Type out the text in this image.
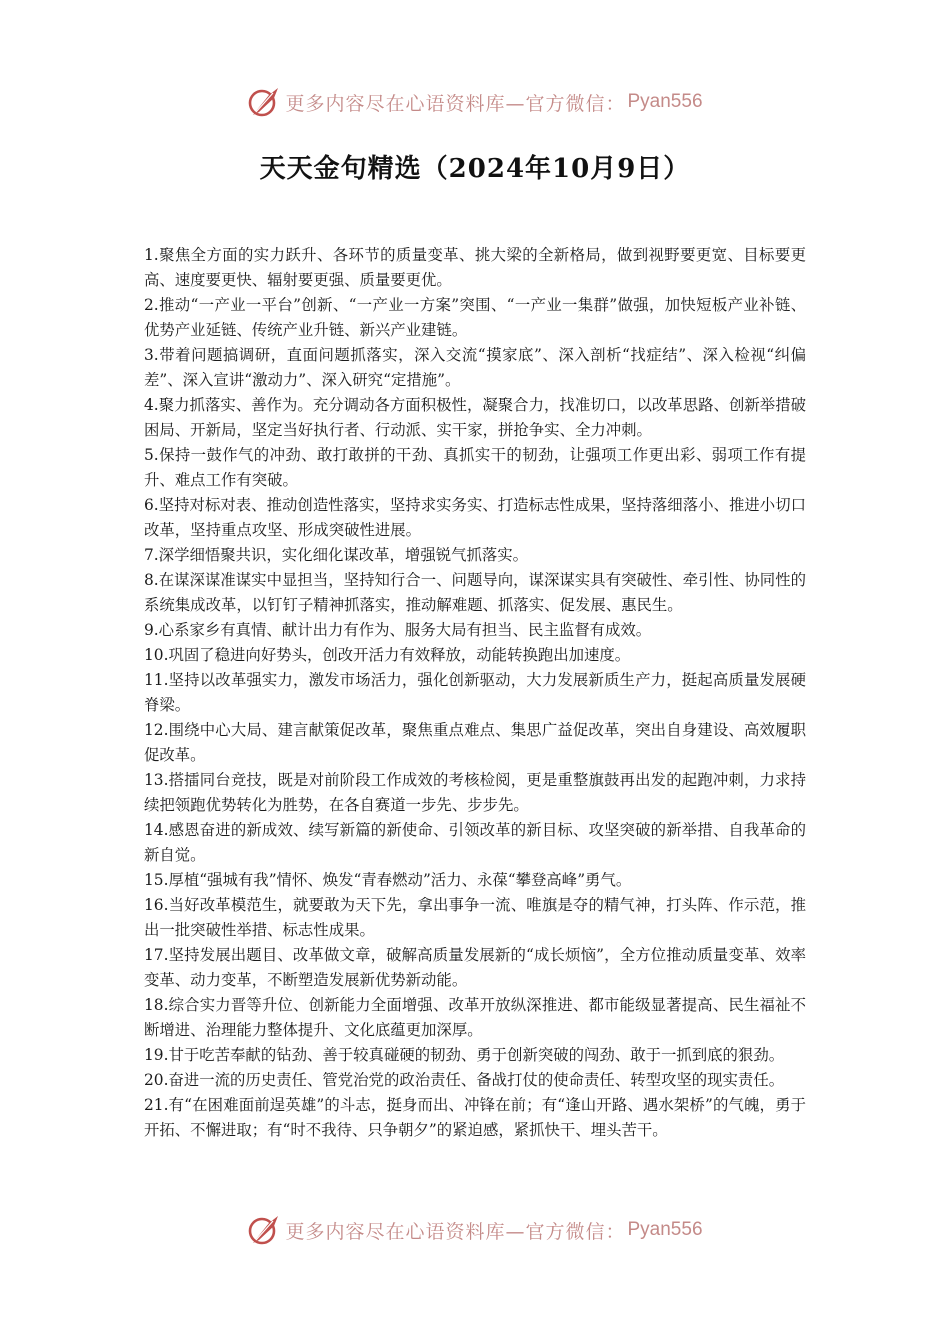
更多内容尽在心语资料库—官方微信： Pyan556
天天金句精选（2024年10月9日）

1.聚焦全方面的实力跃升、各环节的质量变革、挑大梁的全新格局，做到视野要更宽、目标要更高、速度要更快、辐射要更强、质量要更优。

2.推动“一产业一平台”创新、“一产业一方案”突围、“一产业一集群”做强，加快短板产业补链、优势产业延链、传统产业升链、新兴产业建链。

3.带着问题搞调研，直面问题抓落实，深入交流“摸家底”、深入剖析“找症结”、深入检视“纠偏差”、深入宣讲“激动力”、深入研究“定措施”。

4.聚力抓落实、善作为。充分调动各方面积极性，凝聚合力，找准切口，以改革思路、创新举措破困局、开新局，坚定当好执行者、行动派、实干家，拼抢争实、全力冲刺。

5.保持一鼓作气的冲劲、敢打敢拼的干劲、真抓实干的韧劲，让强项工作更出彩、弱项工作有提升、难点工作有突破。

6.坚持对标对表、推动创造性落实，坚持求实务实、打造标志性成果，坚持落细落小、推进小切口改革，坚持重点攻坚、形成突破性进展。

7.深学细悟聚共识，实化细化谋改革，增强锐气抓落实。

8.在谋深谋准谋实中显担当，坚持知行合一、问题导向，谋深谋实具有突破性、牵引性、协同性的系统集成改革，以钉钉子精神抓落实，推动解难题、抓落实、促发展、惠民生。

9.心系家乡有真情、献计出力有作为、服务大局有担当、民主监督有成效。

10.巩固了稳进向好势头，创改开活力有效释放，动能转换跑出加速度。

11.坚持以改革强实力，激发市场活力，强化创新驱动，大力发展新质生产力，挺起高质量发展硬脊梁。

12.围绕中心大局、建言献策促改革，聚焦重点难点、集思广益促改革，突出自身建设、高效履职促改革。

13.搭擂同台竞技，既是对前阶段工作成效的考核检阅，更是重整旗鼓再出发的起跑冲刺，力求持续把领跑优势转化为胜势，在各自赛道一步先、步步先。

14.感恩奋进的新成效、续写新篇的新使命、引领改革的新目标、攻坚突破的新举措、自我革命的新自觉。

15.厚植“强城有我”情怀、焕发“青春燃动”活力、永葆“攀登高峰”勇气。

16.当好改革模范生，就要敢为天下先，拿出事争一流、唯旗是夺的精气神，打头阵、作示范，推出一批突破性举措、标志性成果。

17.坚持发展出题目、改革做文章，破解高质量发展新的“成长烦恼”，全方位推动质量变革、效率变革、动力变革，不断塑造发展新优势新动能。

18.综合实力晋等升位、创新能力全面增强、改革开放纵深推进、都市能级显著提高、民生福祉不断增进、治理能力整体提升、文化底蕴更加深厚。

19.甘于吃苦奉献的钻劲、善于较真碰硬的韧劲、勇于创新突破的闯劲、敢于一抓到底的狠劲。

20.奋进一流的历史责任、管党治党的政治责任、备战打仗的使命责任、转型攻坚的现实责任。

21.有“在困难面前逞英雄”的斗志，挺身而出、冲锋在前；有“逢山开路、遇水架桥”的气魄，勇于开拓、不懈进取；有“时不我待、只争朝夕”的紧迫感，紧抓快干、埋头苦干。

更多内容尽在心语资料库—官方微信： Pyan556
